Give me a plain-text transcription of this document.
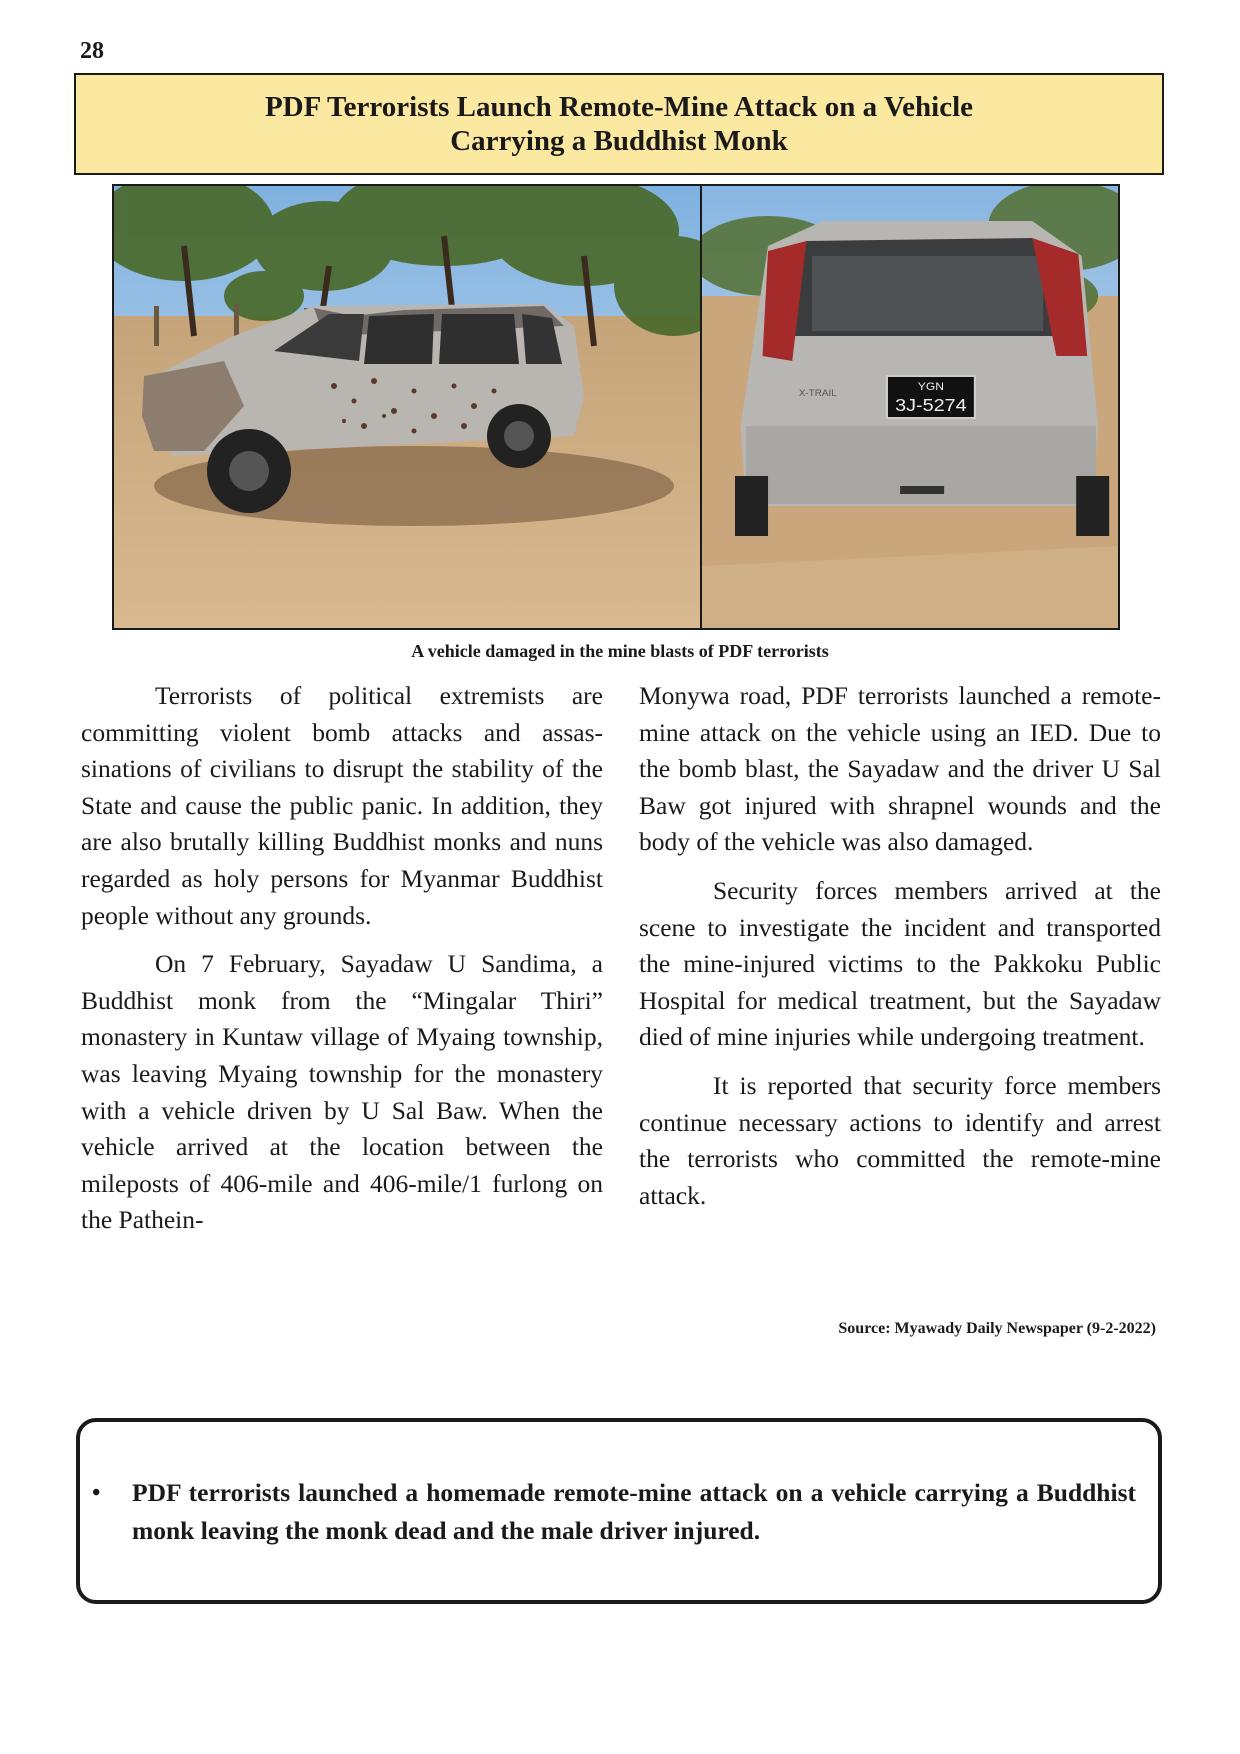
28
PDF Terrorists Launch Remote-Mine Attack on a Vehicle
Carrying a Buddhist Monk
YGN
3J-5274
X-TRAIL
A vehicle damaged in the mine blasts of PDF terrorists

Terrorists of political extremists are committing violent bomb attacks and assassinations of civilians to disrupt the stability of the State and cause the public panic. In addition, they are also brutally killing Buddhist monks and nuns regarded as holy persons for Myanmar Buddhist people without any grounds.

On 7 February, Sayadaw U Sandima, a Buddhist monk from the “Mingalar Thiri” monastery in Kuntaw village of Myaing township, was leaving Myaing township for the monastery with a vehicle driven by U Sal Baw. When the vehicle arrived at the location between the mileposts of 406-mile and 406-mile/1 furlong on the Pathein-

Monywa road, PDF terrorists launched a remote-mine attack on the vehicle using an IED. Due to the bomb blast, the Sayadaw and the driver U Sal Baw got injured with shrapnel wounds and the body of the vehicle was also damaged.

Security forces members arrived at the scene to investigate the incident and transported the mine-injured victims to the Pakkoku Public Hospital for medical treatment, but the Sayadaw died of mine injuries while undergoing treatment.

It is reported that security force members continue necessary actions to identify and arrest the terrorists who committed the remote-mine attack.

Source: Myawady Daily Newspaper (9-2-2022)
• PDF terrorists launched a homemade remote-mine attack on a vehicle carrying a Buddhist monk leaving the monk dead and the male driver injured.
